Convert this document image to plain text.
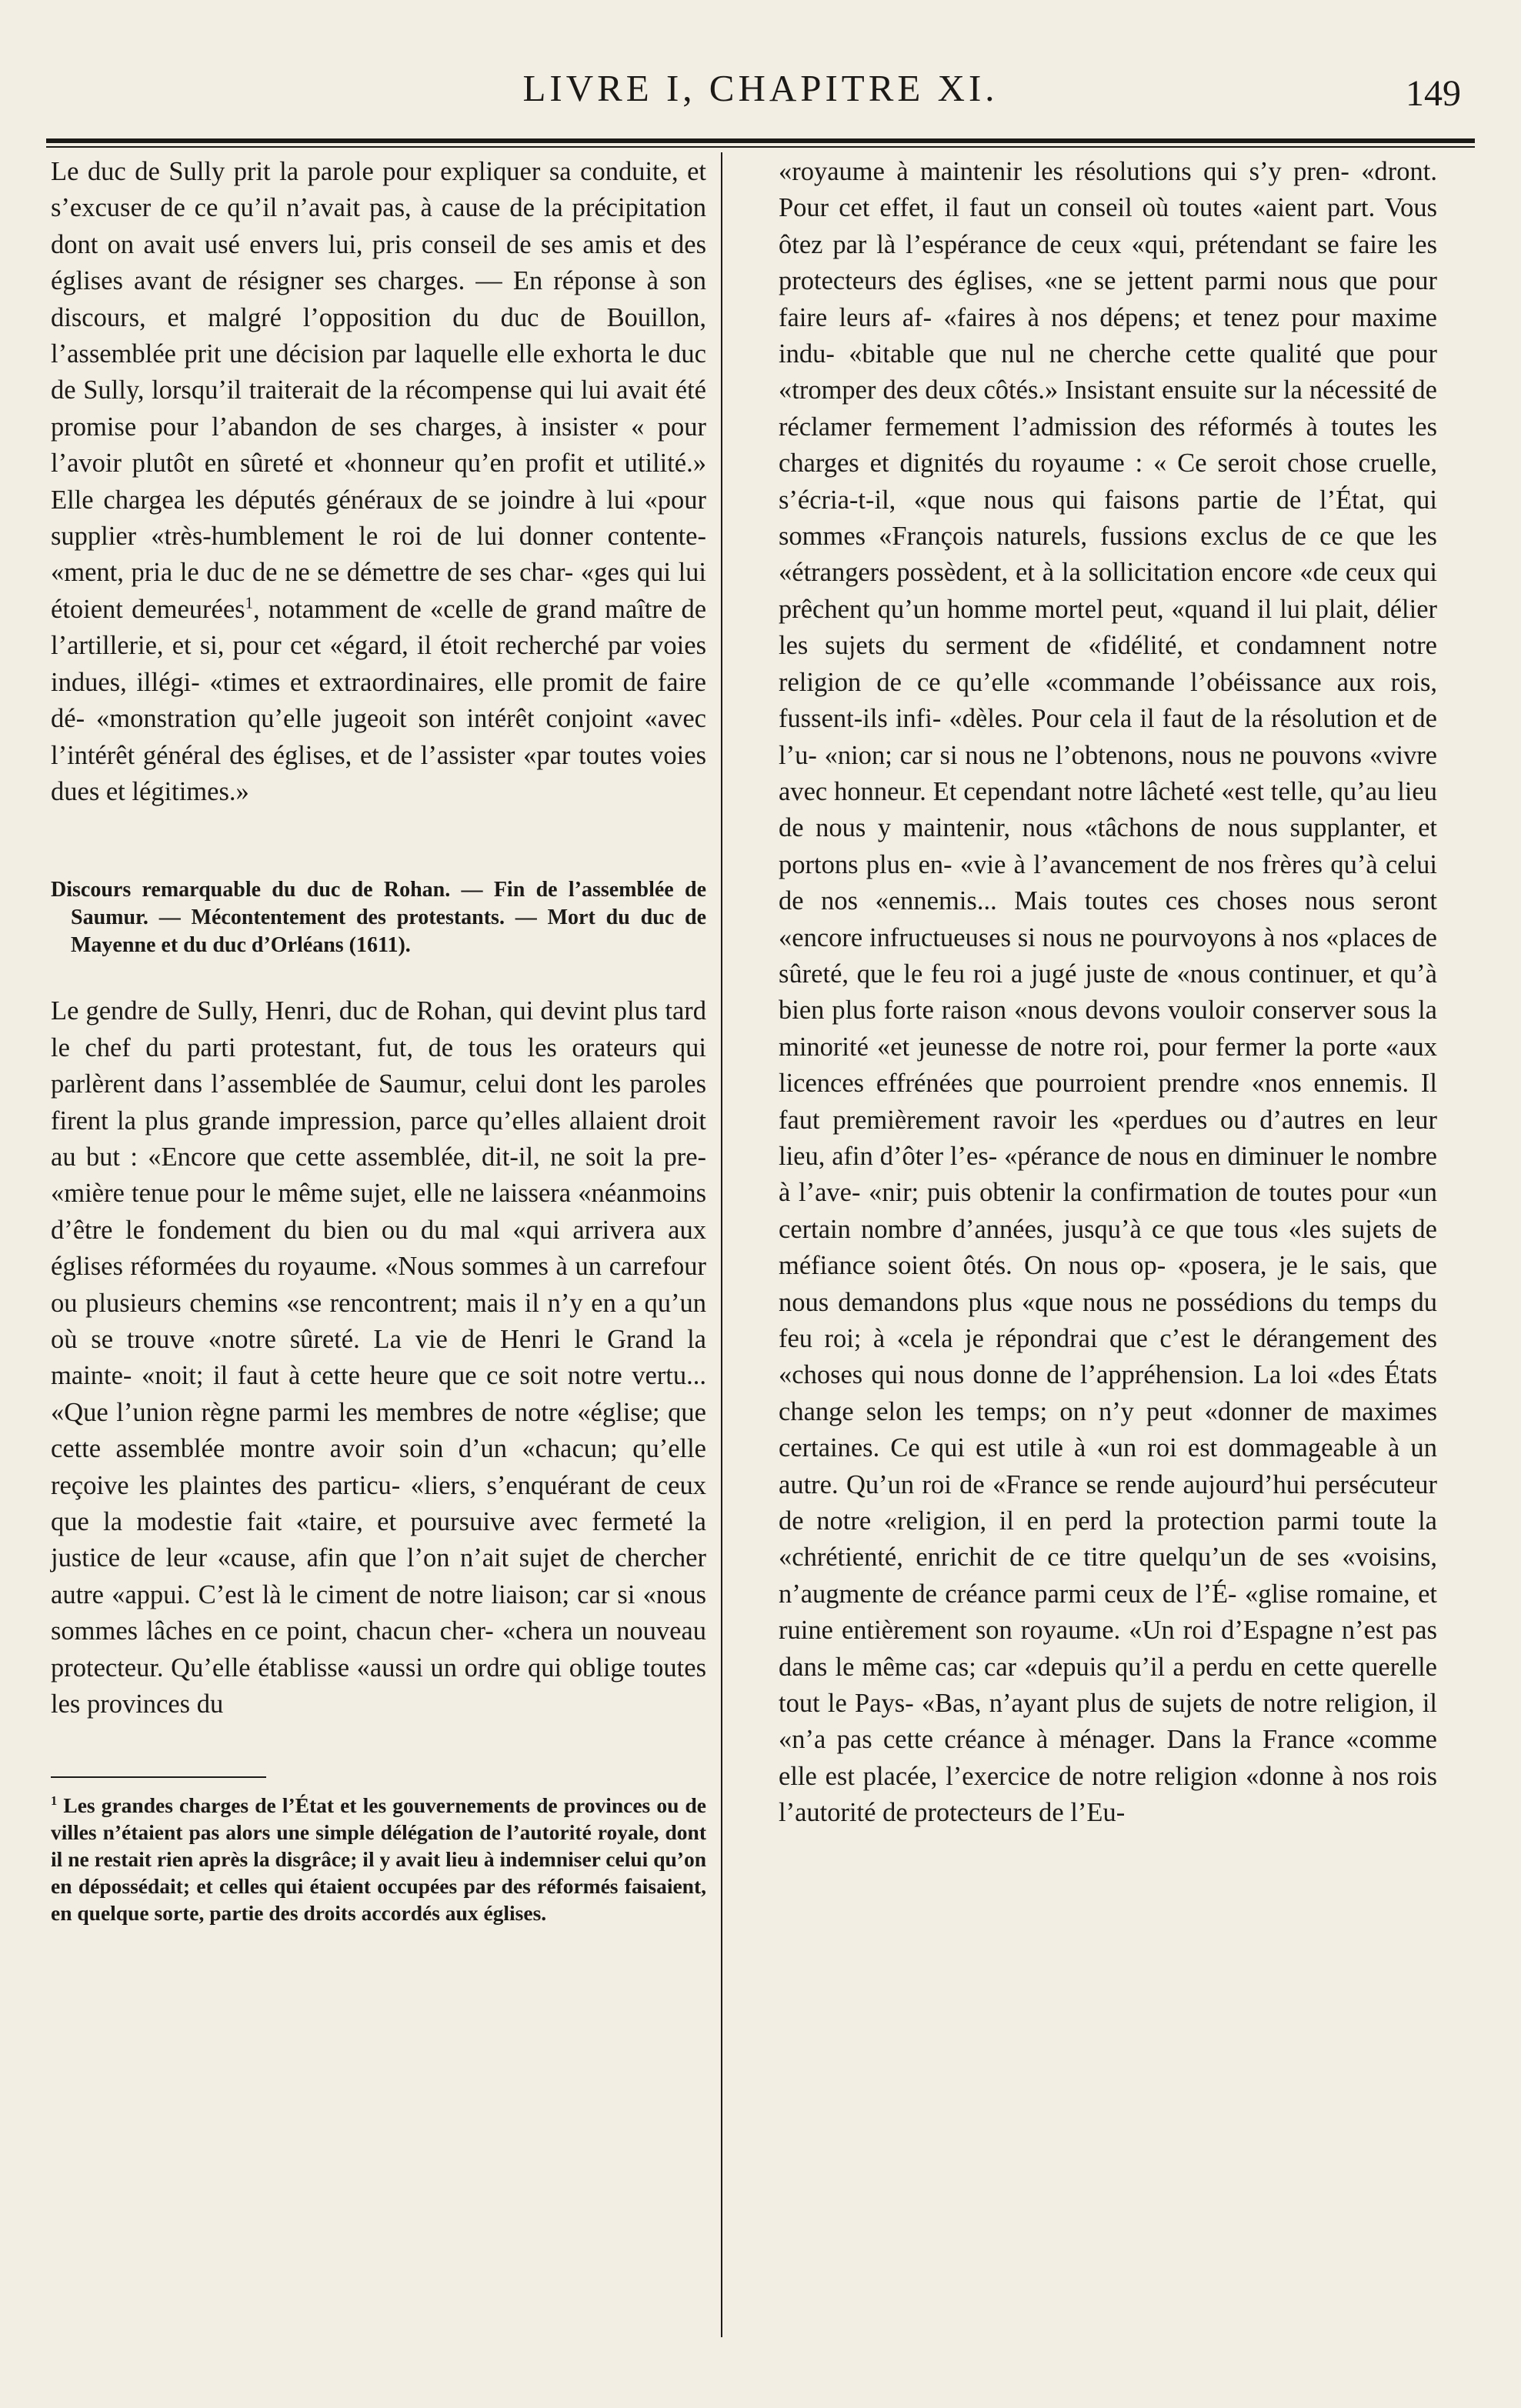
LIVRE I, CHAPITRE XI.	149

Le duc de Sully prit la parole pour expliquer sa conduite, et s’excuser de ce qu’il n’avait pas, à cause de la précipitation dont on avait usé envers lui, pris conseil de ses amis et des églises avant de résigner ses charges. — En réponse à son discours, et malgré l’opposition du duc de Bouillon, l’assemblée prit une décision par laquelle elle exhorta le duc de Sully, lorsqu’il traiterait de la récompense qui lui avait été promise pour l’abandon de ses charges, à insister « pour l’avoir plutôt en sûreté et «honneur qu’en profit et utilité.» Elle chargea les députés généraux de se joindre à lui «pour supplier «très-humblement le roi de lui donner contente- «ment, pria le duc de ne se démettre de ses char- «ges qui lui étoient demeurées$^1$, notamment de «celle de grand maître de l’artillerie, et si, pour cet «égard, il étoit recherché par voies indues, illégi- «times et extraordinaires, elle promit de faire dé- «monstration qu’elle jugeoit son intérêt conjoint «avec l’intérêt général des églises, et de l’assister «par toutes voies dues et légitimes.»

Discours remarquable du duc de Rohan. — Fin de l’assemblée de Saumur. — Mécontentement des protestants. — Mort du duc de Mayenne et du duc d’Orléans (1611).

Le gendre de Sully, Henri, duc de Rohan, qui devint plus tard le chef du parti protestant, fut, de tous les orateurs qui parlèrent dans l’assemblée de Saumur, celui dont les paroles firent la plus grande impression, parce qu’elles allaient droit au but : «Encore que cette assemblée, dit-il, ne soit la pre- «mière tenue pour le même sujet, elle ne laissera «néanmoins d’être le fondement du bien ou du mal «qui arrivera aux églises réformées du royaume. «Nous sommes à un carrefour ou plusieurs chemins «se rencontrent; mais il n’y en a qu’un où se trouve «notre sûreté. La vie de Henri le Grand la mainte- «noit; il faut à cette heure que ce soit notre vertu... «Que l’union règne parmi les membres de notre «église; que cette assemblée montre avoir soin d’un «chacun; qu’elle reçoive les plaintes des particu- «liers, s’enquérant de ceux que la modestie fait «taire, et poursuive avec fermeté la justice de leur «cause, afin que l’on n’ait sujet de chercher autre «appui. C’est là le ciment de notre liaison; car si «nous sommes lâches en ce point, chacun cher- «chera un nouveau protecteur. Qu’elle établisse «aussi un ordre qui oblige toutes les provinces du

$^1$ Les grandes charges de l’État et les gouvernements de provinces ou de villes n’étaient pas alors une simple délégation de l’autorité royale, dont il ne restait rien après la disgrâce; il y avait lieu à indemniser celui qu’on en dépossédait; et celles qui étaient occupées par des réformés faisaient, en quelque sorte, partie des droits accordés aux églises.

«royaume à maintenir les résolutions qui s’y pren- «dront. Pour cet effet, il faut un conseil où toutes «aient part. Vous ôtez par là l’espérance de ceux «qui, prétendant se faire les protecteurs des églises, «ne se jettent parmi nous que pour faire leurs af- «faires à nos dépens; et tenez pour maxime indu- «bitable que nul ne cherche cette qualité que pour «tromper des deux côtés.» Insistant ensuite sur la nécessité de réclamer fermement l’admission des réformés à toutes les charges et dignités du royaume : « Ce seroit chose cruelle, s’écria-t-il, «que nous qui faisons partie de l’État, qui sommes «François naturels, fussions exclus de ce que les «étrangers possèdent, et à la sollicitation encore «de ceux qui prêchent qu’un homme mortel peut, «quand il lui plait, délier les sujets du serment de «fidélité, et condamnent notre religion de ce qu’elle «commande l’obéissance aux rois, fussent-ils infi- «dèles. Pour cela il faut de la résolution et de l’u- «nion; car si nous ne l’obtenons, nous ne pouvons «vivre avec honneur. Et cependant notre lâcheté «est telle, qu’au lieu de nous y maintenir, nous «tâchons de nous supplanter, et portons plus en- «vie à l’avancement de nos frères qu’à celui de nos «ennemis... Mais toutes ces choses nous seront «encore infructueuses si nous ne pourvoyons à nos «places de sûreté, que le feu roi a jugé juste de «nous continuer, et qu’à bien plus forte raison «nous devons vouloir conserver sous la minorité «et jeunesse de notre roi, pour fermer la porte «aux licences effrénées que pourroient prendre «nos ennemis. Il faut premièrement ravoir les «perdues ou d’autres en leur lieu, afin d’ôter l’es- «pérance de nous en diminuer le nombre à l’ave- «nir; puis obtenir la confirmation de toutes pour «un certain nombre d’années, jusqu’à ce que tous «les sujets de méfiance soient ôtés. On nous op- «posera, je le sais, que nous demandons plus «que nous ne possédions du temps du feu roi; à «cela je répondrai que c’est le dérangement des «choses qui nous donne de l’appréhension. La loi «des États change selon les temps; on n’y peut «donner de maximes certaines. Ce qui est utile à «un roi est dommageable à un autre. Qu’un roi de «France se rende aujourd’hui persécuteur de notre «religion, il en perd la protection parmi toute la «chrétienté, enrichit de ce titre quelqu’un de ses «voisins, n’augmente de créance parmi ceux de l’É- «glise romaine, et ruine entièrement son royaume. «Un roi d’Espagne n’est pas dans le même cas; car «depuis qu’il a perdu en cette querelle tout le Pays- «Bas, n’ayant plus de sujets de notre religion, il «n’a pas cette créance à ménager. Dans la France «comme elle est placée, l’exercice de notre religion «donne à nos rois l’autorité de protecteurs de l’Eu-
